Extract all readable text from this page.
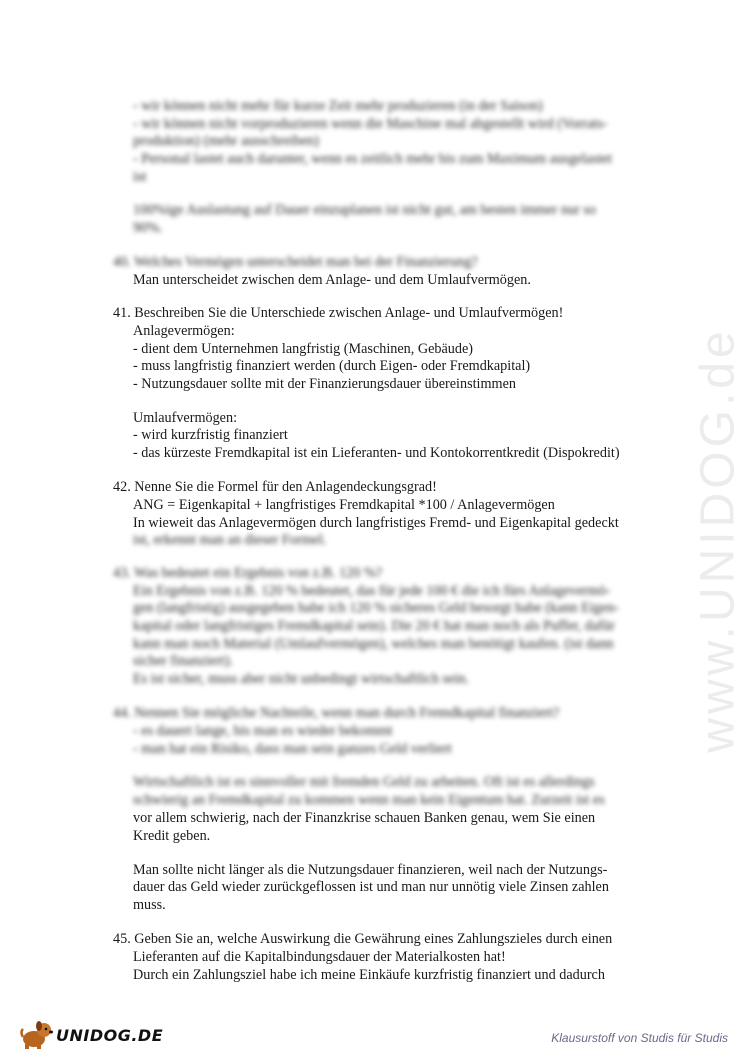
www.UNIDOG.de
- wir können nicht mehr für kurze Zeit mehr produzieren (in der Saison)
- wir können nicht vorproduzieren wenn die Maschine mal abgestellt wird (Vorrats-
produktion) (mehr ausschreiben)
- Personal lastet auch darunter, wenn es zeitlich mehr bis zum Maximum ausgelastet
ist
100%ige Auslastung auf Dauer einzuplanen ist nicht gut, am besten immer nur so
90%.
40. Welches Vermögen unterscheidet man bei der Finanzierung?
Man unterscheidet zwischen dem Anlage- und dem Umlaufvermögen.
41. Beschreiben Sie die Unterschiede zwischen Anlage- und Umlaufvermögen!
Anlagevermögen:
- dient dem Unternehmen langfristig (Maschinen, Gebäude)
- muss langfristig finanziert werden (durch Eigen- oder Fremdkapital)
- Nutzungsdauer sollte mit der Finanzierungsdauer übereinstimmen
Umlaufvermögen:
- wird kurzfristig finanziert
- das kürzeste Fremdkapital ist ein Lieferanten- und Kontokorrentkredit (Dispokredit)
42. Nenne Sie die Formel für den Anlagendeckungsgrad!
ANG = Eigenkapital + langfristiges Fremdkapital *100 / Anlagevermögen
In wieweit das Anlagevermögen durch langfristiges Fremd- und Eigenkapital gedeckt
ist, erkennt man an dieser Formel.
43. Was bedeutet ein Ergebnis von z.B. 120 %?
Ein Ergebnis von z.B. 120 % bedeutet, das für jede 100 € die ich fürs Anlagevermö-
gen (langfristig) ausgegeben habe ich 120 % sicheres Geld besorgt habe (kann Eigen-
kapital oder langfristiges Fremdkapital sein). Die 20 € hat man noch als Puffer, dafür
kann man noch Material (Umlaufvermögen), welches man benötigt kaufen. (ist dann
sicher finanziert).
Es ist sicher, muss aber nicht unbedingt wirtschaftlich sein.
44. Nennen Sie mögliche Nachteile, wenn man durch Fremdkapital finanziert?
- es dauert lange, bis man es wieder bekommt
- man hat ein Risiko, dass man sein ganzes Geld verliert
Wirtschaftlich ist es sinnvoller mit fremden Geld zu arbeiten. Oft ist es allerdings
schwierig an Fremdkapital zu kommen wenn man kein Eigentum hat. Zurzeit ist es
vor allem schwierig, nach der Finanzkrise schauen Banken genau, wem Sie einen
Kredit geben.
Man sollte nicht länger als die Nutzungsdauer finanzieren, weil nach der Nutzungs-
dauer das Geld wieder zurückgeflossen ist und man nur unnötig viele Zinsen zahlen
muss.
45. Geben Sie an, welche Auswirkung die Gewährung eines Zahlungszieles durch einen
Lieferanten auf die Kapitalbindungsdauer der Materialkosten hat!
Durch ein Zahlungsziel habe ich meine Einkäufe kurzfristig finanziert und dadurch
UNIDOG.DE	Klausurstoff von Studis für Studis
